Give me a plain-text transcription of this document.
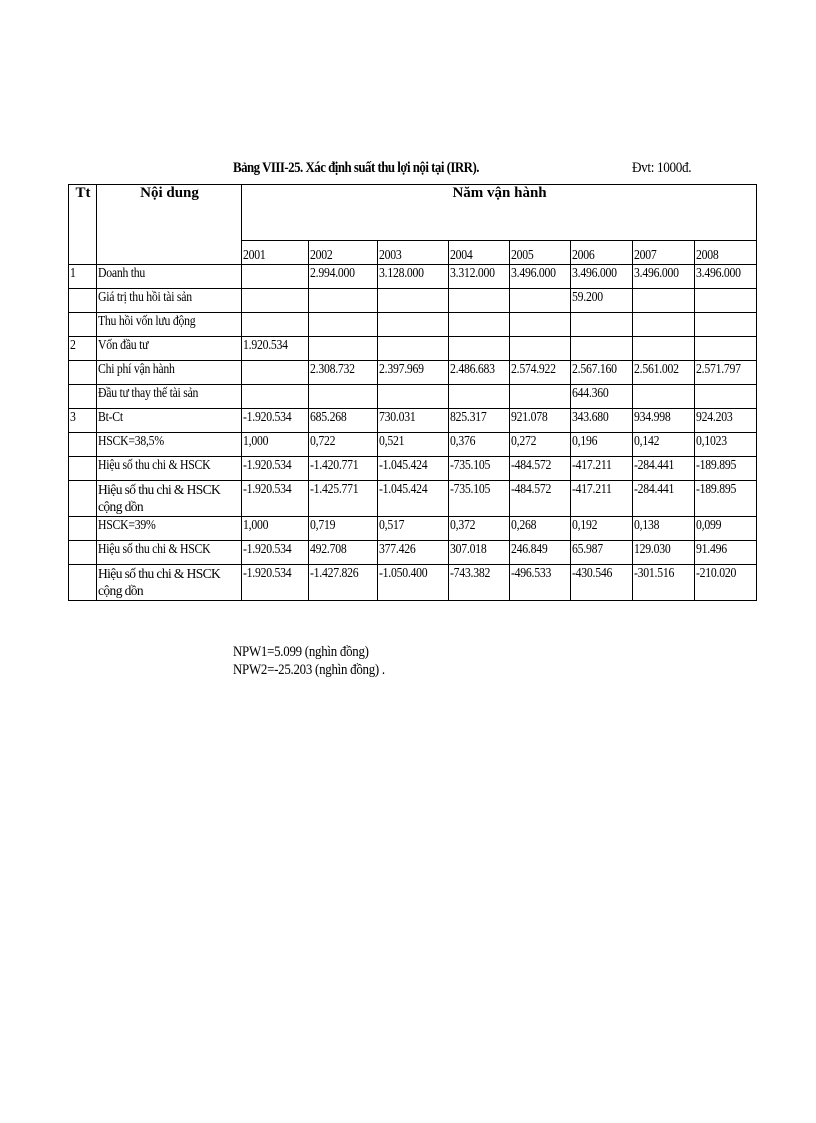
Bảng VIII-25. Xác định suất thu lợi nội tại (IRR).	Đvt: 1000đ.
Tt	Nội dung	Năm vận hành							
		2001	2002	2003	2004	2005	2006	2007	2008
1	Doanh thu		2.994.000	3.128.000	3.312.000	3.496.000	3.496.000	3.496.000	3.496.000
	Giá trị thu hồi tài sản						59.200		
	Thu hồi vốn lưu động								
2	Vốn đầu tư	1.920.534							
	Chi phí vận hành		2.308.732	2.397.969	2.486.683	2.574.922	2.567.160	2.561.002	2.571.797
	Đầu tư thay thế tài sản						644.360		
3	Bt-Ct	-1.920.534	685.268	730.031	825.317	921.078	343.680	934.998	924.203
	HSCK=38,5%	1,000	0,722	0,521	0,376	0,272	0,196	0,142	0,1023
	Hiệu số thu chi & HSCK	-1.920.534	-1.420.771	-1.045.424	-735.105	-484.572	-417.211	-284.441	-189.895

	Hiệu số thu chi & HSCK cộng dồn	-1.920.534	-1.425.771	-1.045.424	-735.105	-484.572	-417.211	-284.441	-189.895
	HSCK=39%	1,000	0,719	0,517	0,372	0,268	0,192	0,138	0,099
	Hiệu số thu chi & HSCK	-1.920.534	492.708	377.426	307.018	246.849	65.987	129.030	91.496

	Hiệu số thu chi & HSCK cộng dồn	-1.920.534	-1.427.826	-1.050.400	-743.382	-496.533	-430.546	-301.516	-210.020
NPW1=5.099 (nghìn đồng)
NPW2=-25.203 (nghìn đồng) .
